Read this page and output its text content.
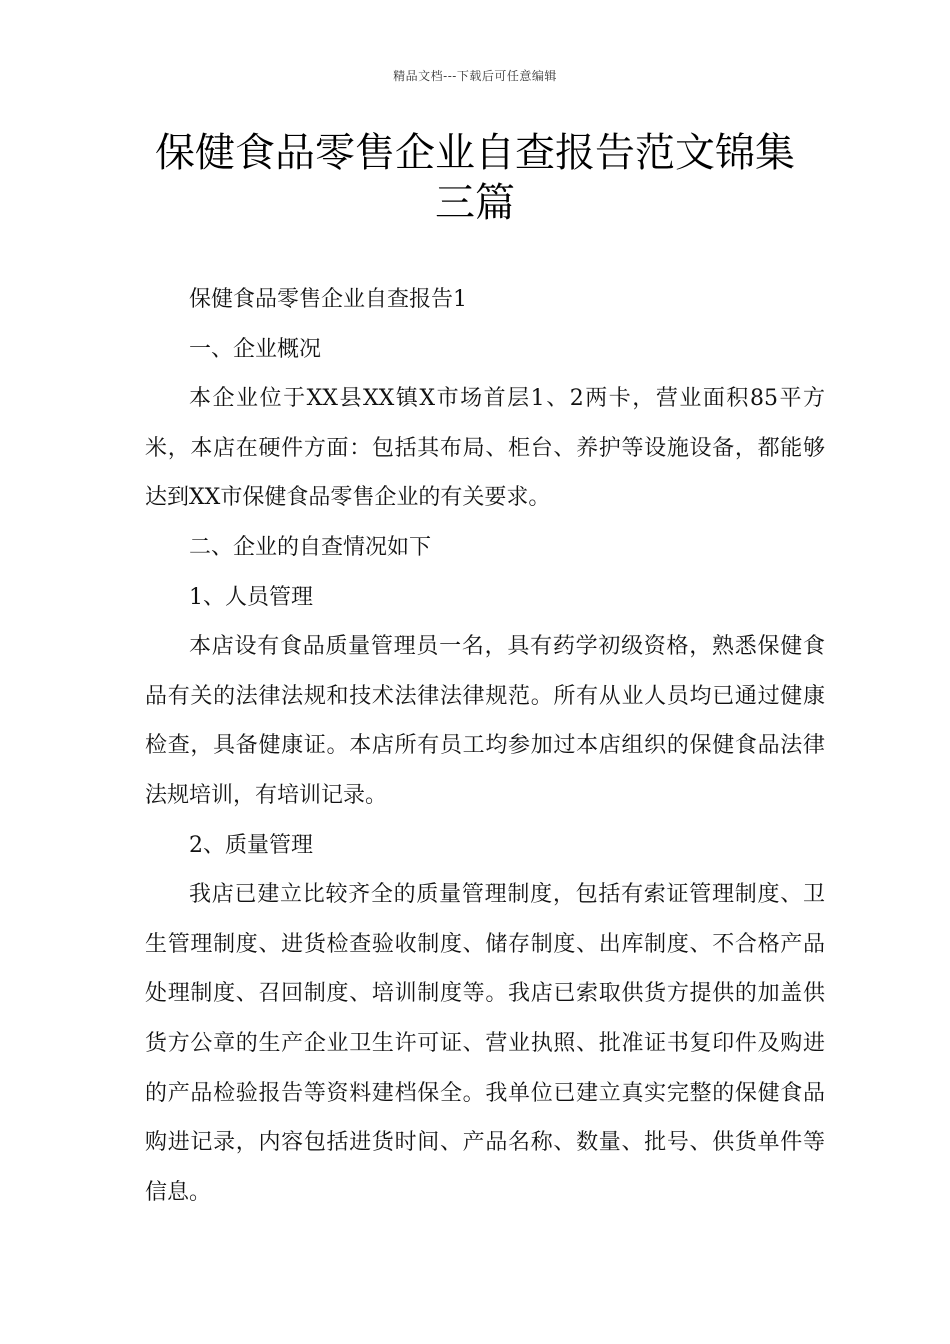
精品文档---下载后可任意编辑
保健食品零售企业自查报告范文锦集三篇

保健食品零售企业自查报告1

一、企业概况

本企业位于XX县XX镇X市场首层1、2两卡，营业面积85平方米，本店在硬件方面：包括其布局、柜台、养护等设施设备，都能够达到XX市保健食品零售企业的有关要求。

二、企业的自查情况如下

1、人员管理

本店设有食品质量管理员一名，具有药学初级资格，熟悉保健食品有关的法律法规和技术法律法律规范。所有从业人员均已通过健康检查，具备健康证。本店所有员工均参加过本店组织的保健食品法律法规培训，有培训记录。

2、质量管理

我店已建立比较齐全的质量管理制度，包括有索证管理制度、卫生管理制度、进货检查验收制度、储存制度、出库制度、不合格产品处理制度、召回制度、培训制度等。我店已索取供货方提供的加盖供货方公章的生产企业卫生许可证、营业执照、批准证书复印件及购进的产品检验报告等资料建档保全。我单位已建立真实完整的保健食品购进记录，内容包括进货时间、产品名称、数量、批号、供货单件等信息。
